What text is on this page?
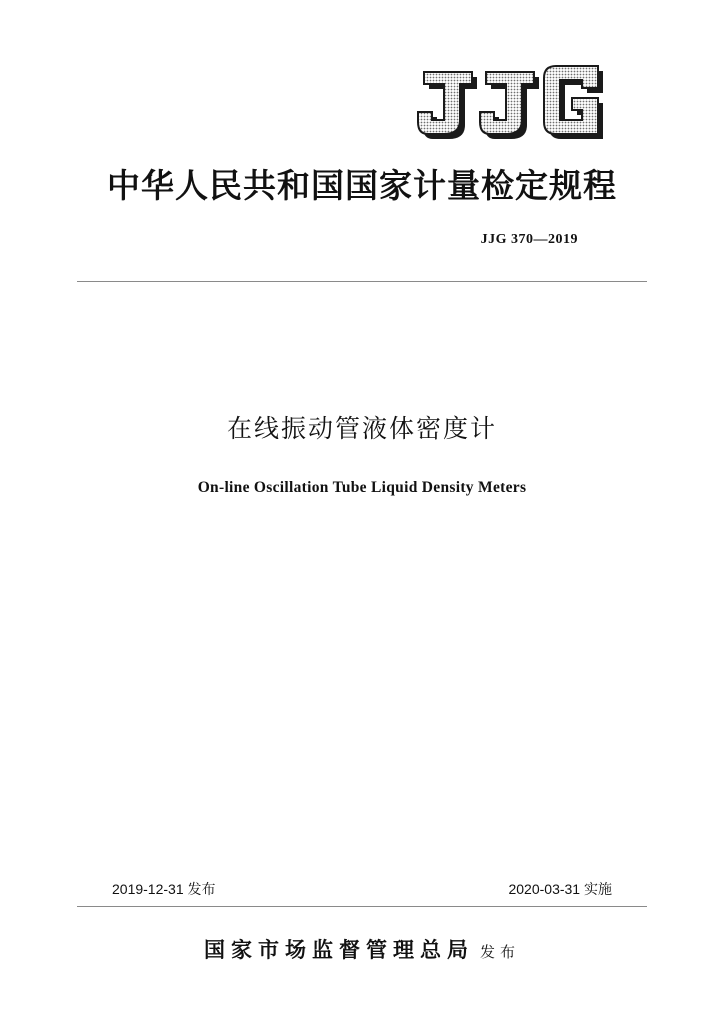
中华人民共和国国家计量检定规程
JJG 370—2019
在线振动管液体密度计
On-line Oscillation Tube Liquid Density Meters
2019-12-31 发布	2020-03-31 实施
国家市场监督管理总局 发布
